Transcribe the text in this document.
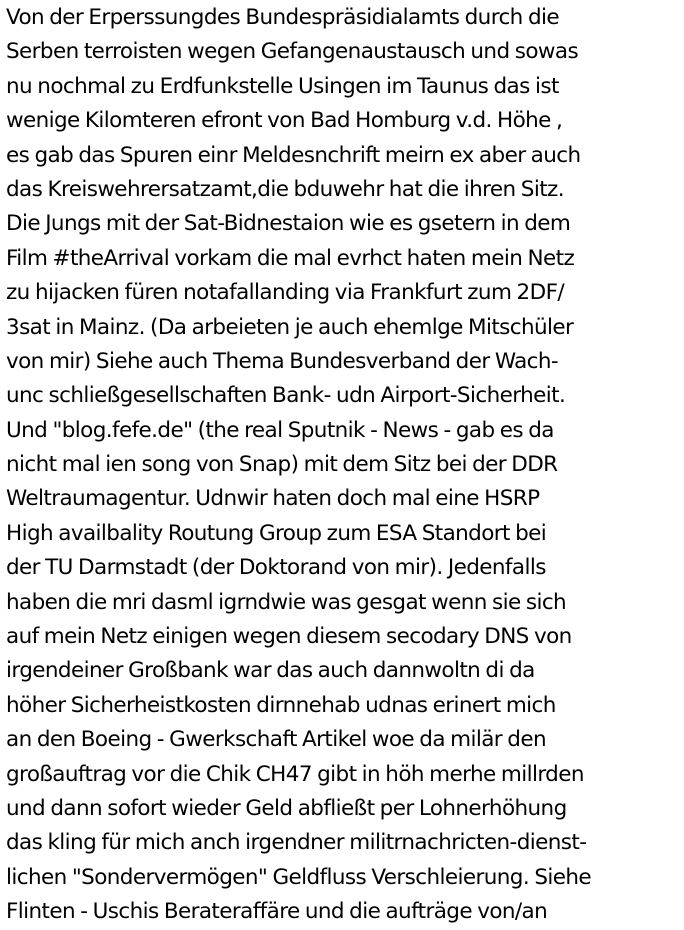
Von der Erperssungdes Bundespräsidialamts durch die
Serben terroisten wegen Gefangenaustausch und sowas
nu nochmal zu Erdfunkstelle Usingen im Taunus das ist
wenige Kilomteren efront von Bad Homburg v.d. Höhe ,
es gab das Spuren einr Meldesnchrift meirn ex aber auch
das Kreiswehrersatzamt,die bduwehr hat die ihren Sitz.
Die Jungs mit der Sat-Bidnestaion wie es gsetern in dem
Film #theArrival vorkam die mal evrhct haten mein Netz
zu hijacken füren notafallanding via Frankfurt zum 2DF/
3sat in Mainz. (Da arbeieten je auch ehemlge Mitschüler
von mir) Siehe auch Thema Bundesverband der Wach-
unc schließgesellschaften Bank- udn Airport-Sicherheit.
Und "blog.fefe.de" (the real Sputnik - News - gab es da
nicht mal ien song von Snap) mit dem Sitz bei der DDR
Weltraumagentur. Udnwir haten doch mal eine HSRP
High availbality Routung Group zum ESA Standort bei
der TU Darmstadt (der Doktorand von mir). Jedenfalls
haben die mri dasml igrndwie was gesgat wenn sie sich
auf mein Netz einigen wegen diesem secodary DNS von
irgendeiner Großbank war das auch dannwoltn di da
höher Sicherheistkosten dirnnehab udnas erinert mich
an den Boeing - Gwerkschaft Artikel woe da milär den
großauftrag vor die Chik CH47 gibt in höh merhe millrden
und dann sofort wieder Geld abfließt per Lohnerhöhung
das kling für mich anch irgendner militrnachricten-dienst-
lichen "Sondervermögen" Geldfluss Verschleierung. Siehe
Flinten - Uschis Berateraffäre und die aufträge von/an
